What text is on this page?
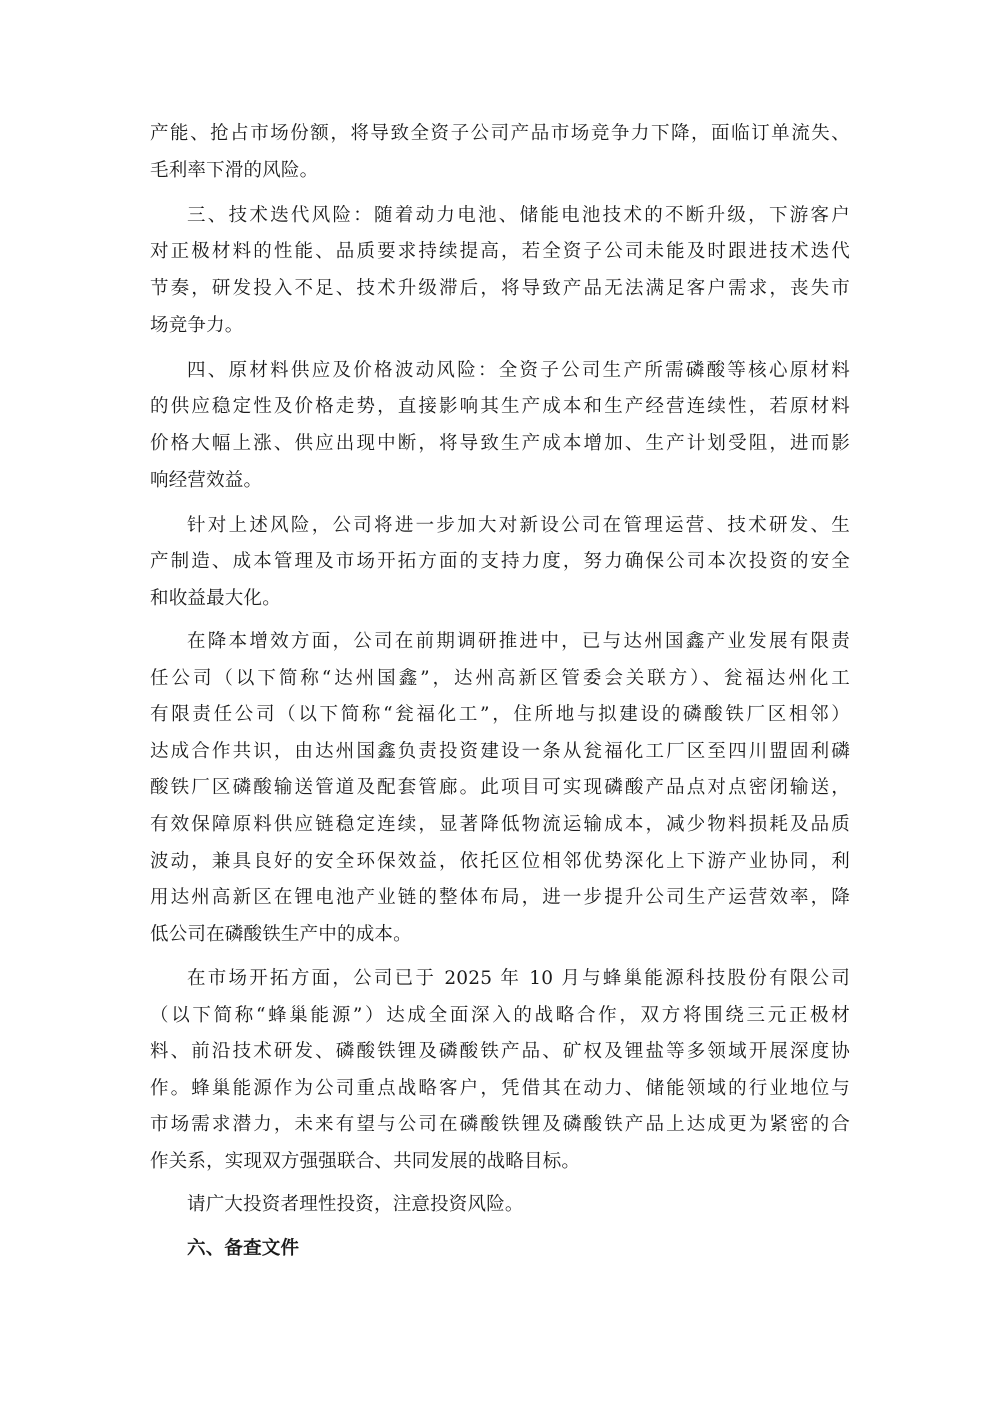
产能、抢占市场份额，将导致全资子公司产品市场竞争力下降，面临订单流失、
毛利率下滑的风险。
三、技术迭代风险：随着动力电池、储能电池技术的不断升级，下游客户
对正极材料的性能、品质要求持续提高，若全资子公司未能及时跟进技术迭代
节奏，研发投入不足、技术升级滞后，将导致产品无法满足客户需求，丧失市
场竞争力。
四、原材料供应及价格波动风险：全资子公司生产所需磷酸等核心原材料
的供应稳定性及价格走势，直接影响其生产成本和生产经营连续性，若原材料
价格大幅上涨、供应出现中断，将导致生产成本增加、生产计划受阻，进而影
响经营效益。
针对上述风险，公司将进一步加大对新设公司在管理运营、技术研发、生
产制造、成本管理及市场开拓方面的支持力度，努力确保公司本次投资的安全
和收益最大化。
在降本增效方面，公司在前期调研推进中，已与达州国鑫产业发展有限责
任公司（以下简称“达州国鑫”，达州高新区管委会关联方）、瓮福达州化工
有限责任公司（以下简称“瓮福化工”，住所地与拟建设的磷酸铁厂区相邻）
达成合作共识，由达州国鑫负责投资建设一条从瓮福化工厂区至四川盟固利磷
酸铁厂区磷酸输送管道及配套管廊。此项目可实现磷酸产品点对点密闭输送，
有效保障原料供应链稳定连续，显著降低物流运输成本，减少物料损耗及品质
波动，兼具良好的安全环保效益，依托区位相邻优势深化上下游产业协同，利
用达州高新区在锂电池产业链的整体布局，进一步提升公司生产运营效率，降
低公司在磷酸铁生产中的成本。
在市场开拓方面，公司已于 2025 年 10 月与蜂巢能源科技股份有限公司
（以下简称“蜂巢能源”）达成全面深入的战略合作，双方将围绕三元正极材
料、前沿技术研发、磷酸铁锂及磷酸铁产品、矿权及锂盐等多领域开展深度协
作。蜂巢能源作为公司重点战略客户，凭借其在动力、储能领域的行业地位与
市场需求潜力，未来有望与公司在磷酸铁锂及磷酸铁产品上达成更为紧密的合
作关系，实现双方强强联合、共同发展的战略目标。
请广大投资者理性投资，注意投资风险。
六、备查文件
